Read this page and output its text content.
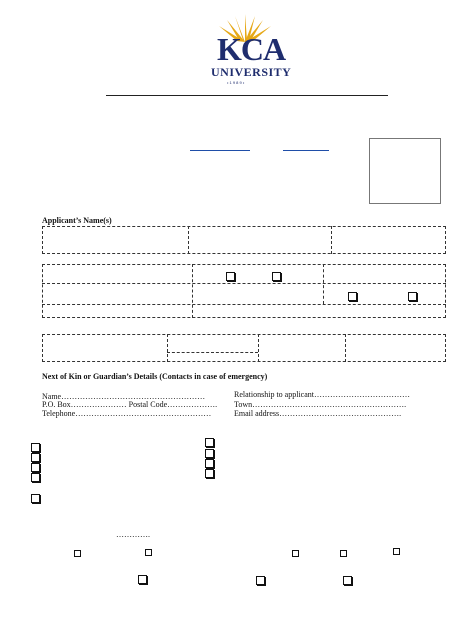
KCA
UNIVERSITY
• 1 9 8 9 •
Applicant’s Name(s)
Next of Kin or Guardian’s Details (Contacts in case of emergency)
Name………………………………………………	Relationship to applicant………………………………
P.O. Box………………… Postal Code………………. Town………………………………………………….
Telephone……………………………………………	Email address……………………………………….
………….
